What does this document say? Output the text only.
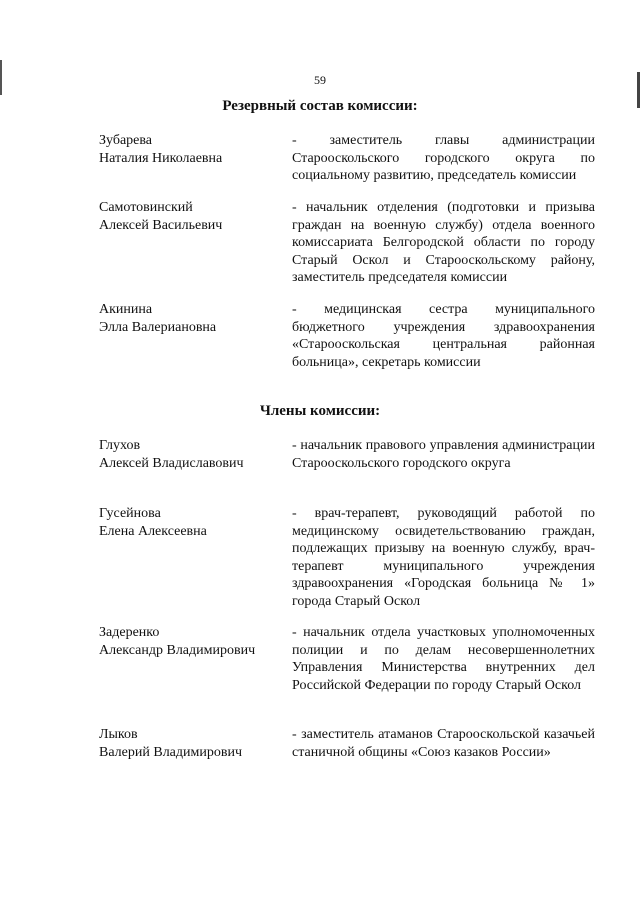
59
Резервный состав комиссии:
Зубарева
Наталия Николаевна
- заместитель главы администрации Старооскольского городского округа по социальному развитию, председатель комиссии
Самотовинский
Алексей Васильевич
- начальник отделения (подготовки и призыва граждан на военную службу) отдела военного комиссариата Белгородской области по городу Старый Оскол и Старооскольскому району, заместитель председателя комиссии
Акинина
Элла Валериановна
- медицинская сестра муниципального бюджетного учреждения здравоохранения «Старооскольская центральная районная больница», секретарь комиссии
Члены комиссии:
Глухов
Алексей Владиславович
- начальник правового управления администрации Старооскольского городского округа
Гусейнова
Елена Алексеевна
- врач-терапевт, руководящий работой по медицинскому освидетельствованию граждан, подлежащих призыву на военную службу, врач-терапевт муниципального учреждения здравоохранения «Городская больница № 1» города Старый Оскол
Задеренко
Александр Владимирович
- начальник отдела участковых уполномоченных полиции и по делам несовершеннолетних Управления Министерства внутренних дел Российской Федерации по городу Старый Оскол
Лыков
Валерий Владимирович
- заместитель атаманов Старооскольской казачьей станичной общины «Союз казаков России»
